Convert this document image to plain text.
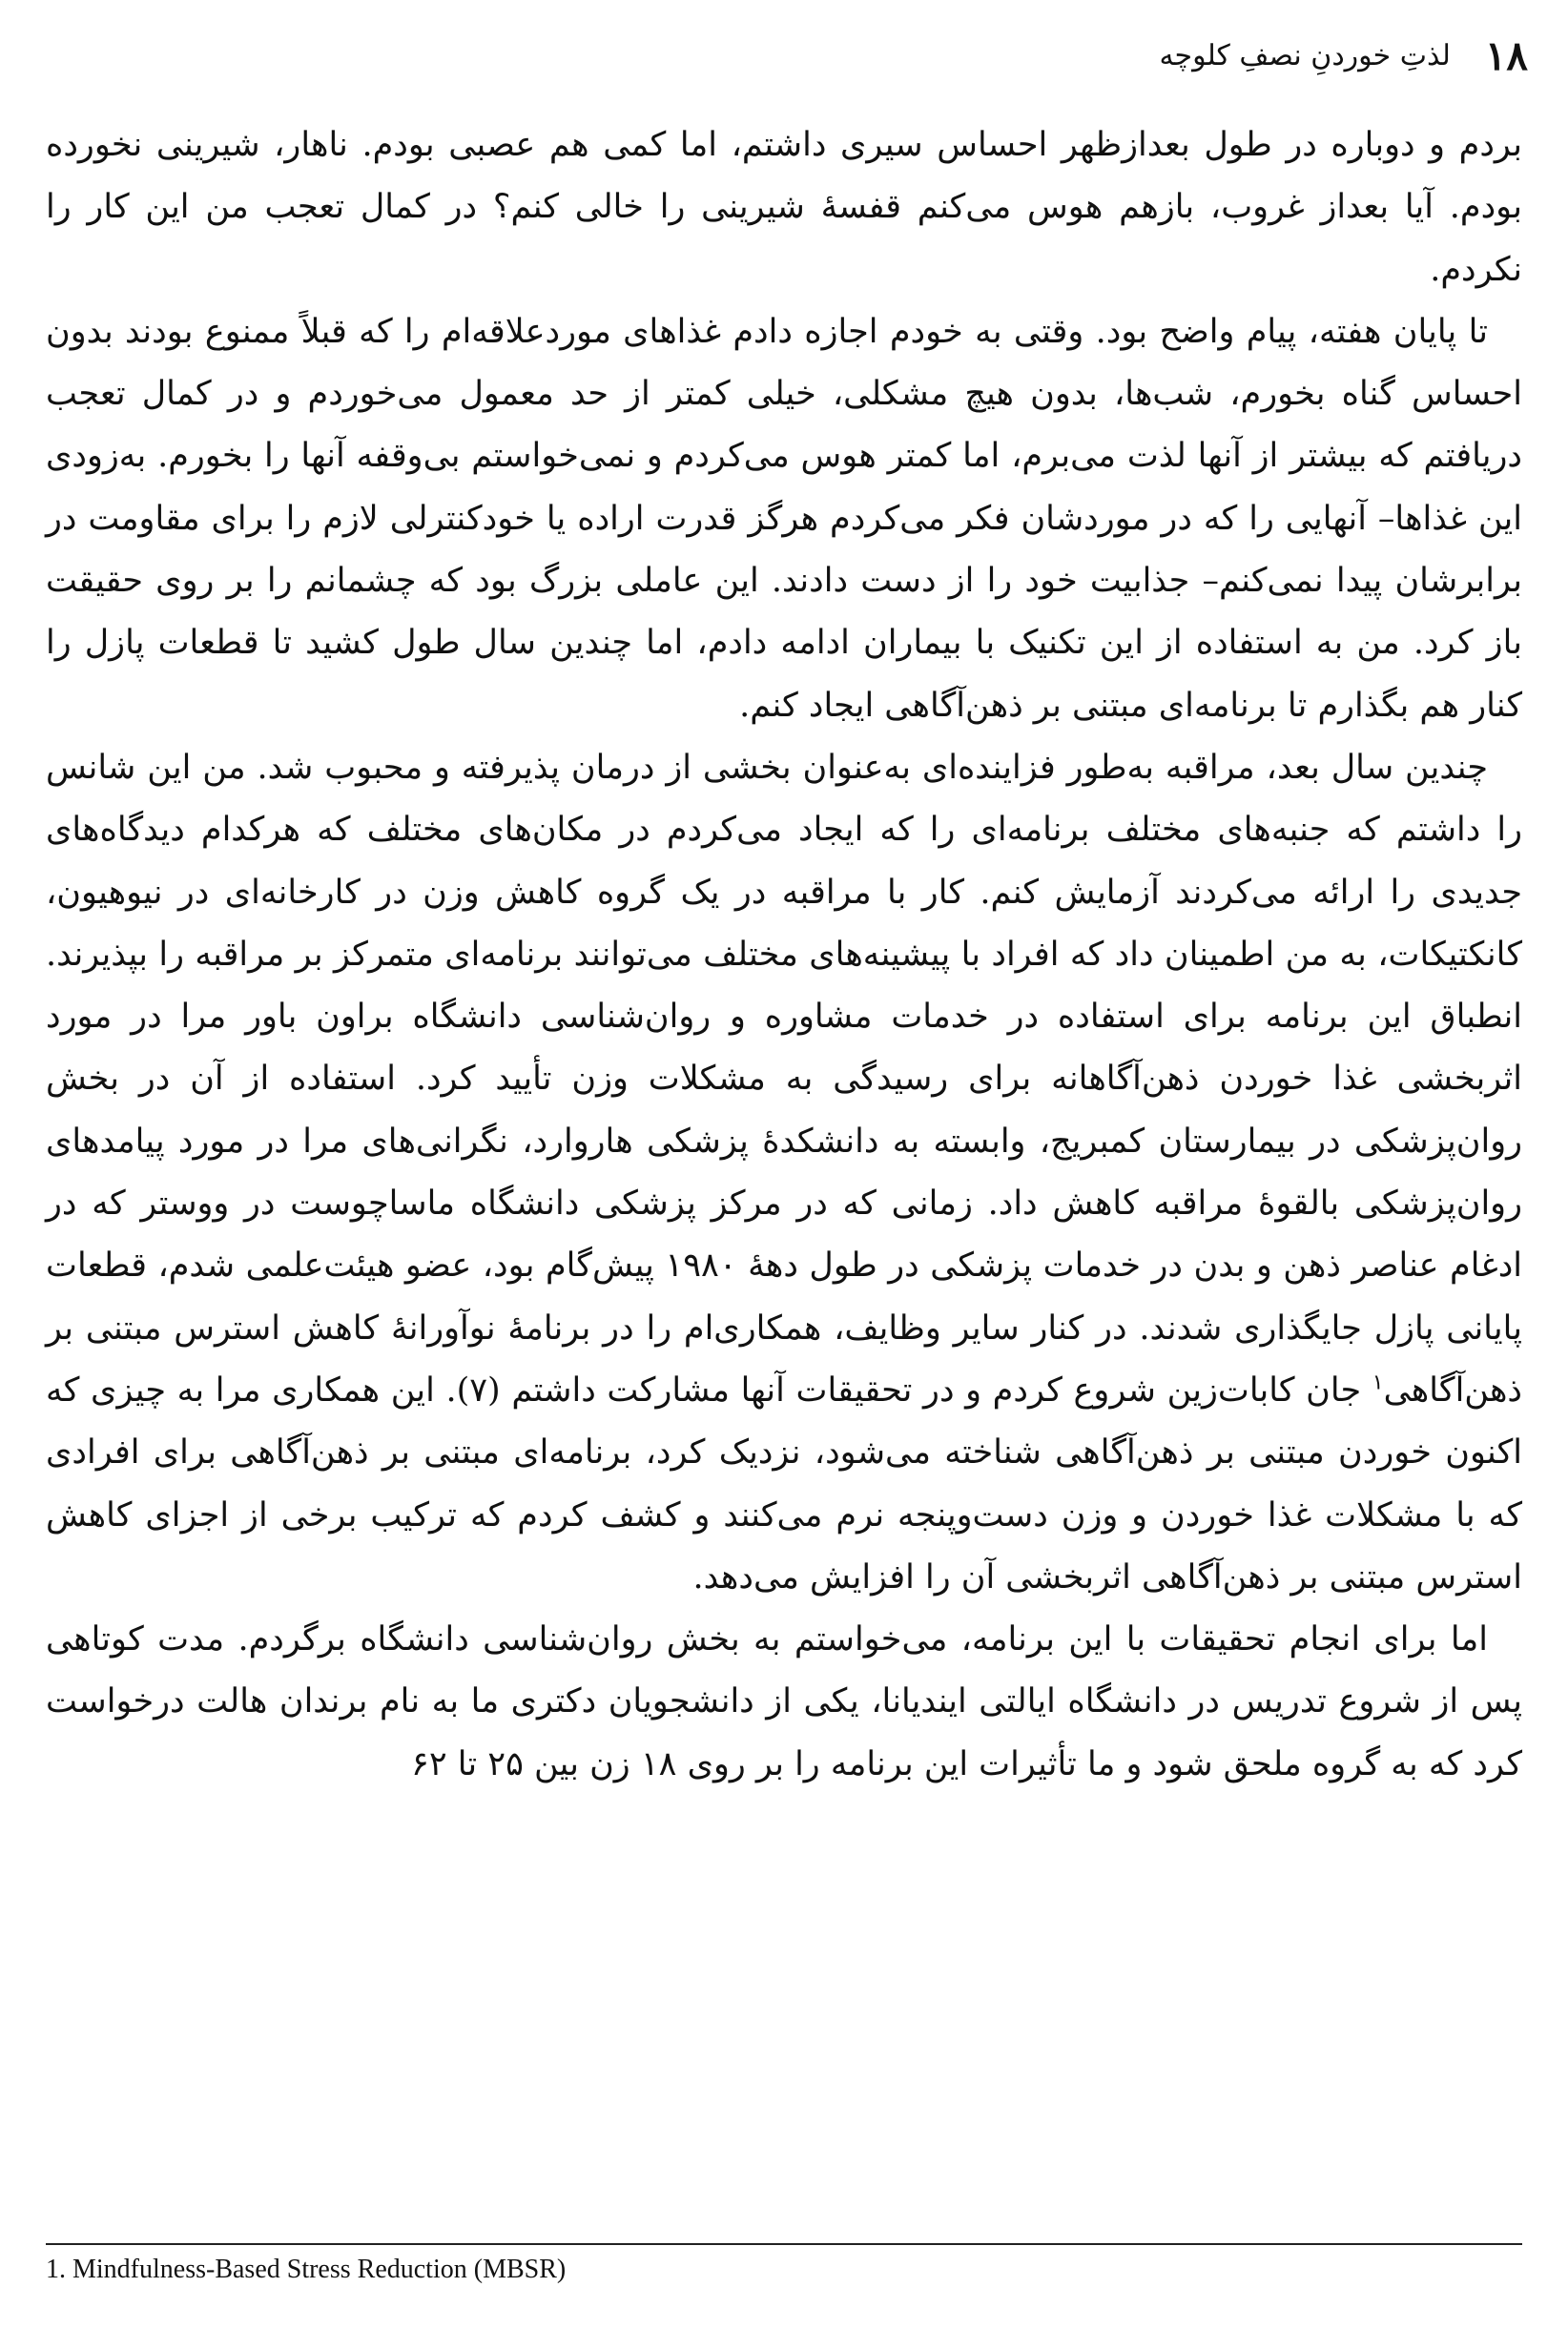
۱۸
لذتِ خوردنِ نصفِ کلوچه

بردم و دوباره در طول بعدازظهر احساس سیری داشتم، اما کمی هم عصبی بودم. ناهار، شیرینی نخورده بودم. آیا بعداز غروب، بازهم هوس می‌کنم قفسهٔ شیرینی را خالی کنم؟ در کمال تعجب من این کار را نکردم.

تا پایان هفته، پیام واضح بود. وقتی به خودم اجازه دادم غذاهای موردعلاقه‌ام را که قبلاً ممنوع بودند بدون احساس گناه بخورم، شب‌ها، بدون هیچ مشکلی، خیلی کمتر از حد معمول می‌خوردم و در کمال تعجب دریافتم که بیشتر از آنها لذت می‌برم، اما کمتر هوس می‌کردم و نمی‌خواستم بی‌وقفه آنها را بخورم. به‌زودی این غذاها– آنهایی را که در موردشان فکر می‌کردم هرگز قدرت اراده یا خودکنترلی لازم را برای مقاومت در برابرشان پیدا نمی‌کنم– جذابیت خود را از دست دادند. این عاملی بزرگ بود که چشمانم را بر روی حقیقت باز کرد. من به استفاده از این تکنیک با بیماران ادامه دادم، اما چندین سال طول کشید تا قطعات پازل را کنار هم بگذارم تا برنامه‌ای مبتنی بر ذهن‌آگاهی ایجاد کنم.

چندین سال بعد، مراقبه به‌طور فزاینده‌ای به‌عنوان بخشی از درمان پذیرفته و محبوب شد. من این شانس را داشتم که جنبه‌های مختلف برنامه‌ای را که ایجاد می‌کردم در مکان‌های مختلف که هرکدام دیدگاه‌های جدیدی را ارائه می‌کردند آزمایش کنم. کار با مراقبه در یک گروه کاهش وزن در کارخانه‌ای در نیوهیون، کانکتیکات، به من اطمینان داد که افراد با پیشینه‌های مختلف می‌توانند برنامه‌ای متمرکز بر مراقبه را بپذیرند. انطباق این برنامه برای استفاده در خدمات مشاوره و روان‌شناسی دانشگاه براون باور مرا در مورد اثربخشی غذا خوردن ذهن‌آگاهانه برای رسیدگی به مشکلات وزن تأیید کرد. استفاده از آن در بخش روان‌پزشکی در بیمارستان کمبریج، وابسته به دانشکدهٔ پزشکی هاروارد، نگرانی‌های مرا در مورد پیامدهای روان‌پزشکی بالقوهٔ مراقبه کاهش داد. زمانی که در مرکز پزشکی دانشگاه ماساچوست در ووستر که در ادغام عناصر ذهن و بدن در خدمات پزشکی در طول دههٔ ۱۹۸۰ پیش‌گام بود، عضو هیئت‌علمی شدم، قطعات پایانی پازل جایگذاری شدند. در کنار سایر وظایف، همکاری‌ام را در برنامهٔ نوآورانهٔ کاهش استرس مبتنی بر ذهن‌آگاهی$^۱$ جان کابات‌زین شروع کردم و در تحقیقات آنها مشارکت داشتم (۷). این همکاری مرا به چیزی که اکنون خوردن مبتنی بر ذهن‌آگاهی شناخته می‌شود، نزدیک کرد، برنامه‌ای مبتنی بر ذهن‌آگاهی برای افرادی که با مشکلات غذا خوردن و وزن دست‌وپنجه نرم می‌کنند و کشف کردم که ترکیب برخی از اجزای کاهش استرس مبتنی بر ذهن‌آگاهی اثربخشی آن را افزایش می‌دهد.

اما برای انجام تحقیقات با این برنامه، می‌خواستم به بخش روان‌شناسی دانشگاه برگردم. مدت کوتاهی پس از شروع تدریس در دانشگاه ایالتی ایندیانا، یکی از دانشجویان دکتری ما به نام برندان هالت درخواست کرد که به گروه ملحق شود و ما تأثیرات این برنامه را بر روی ۱۸ زن بین ۲۵ تا ۶۲

1. Mindfulness-Based Stress Reduction (MBSR)
